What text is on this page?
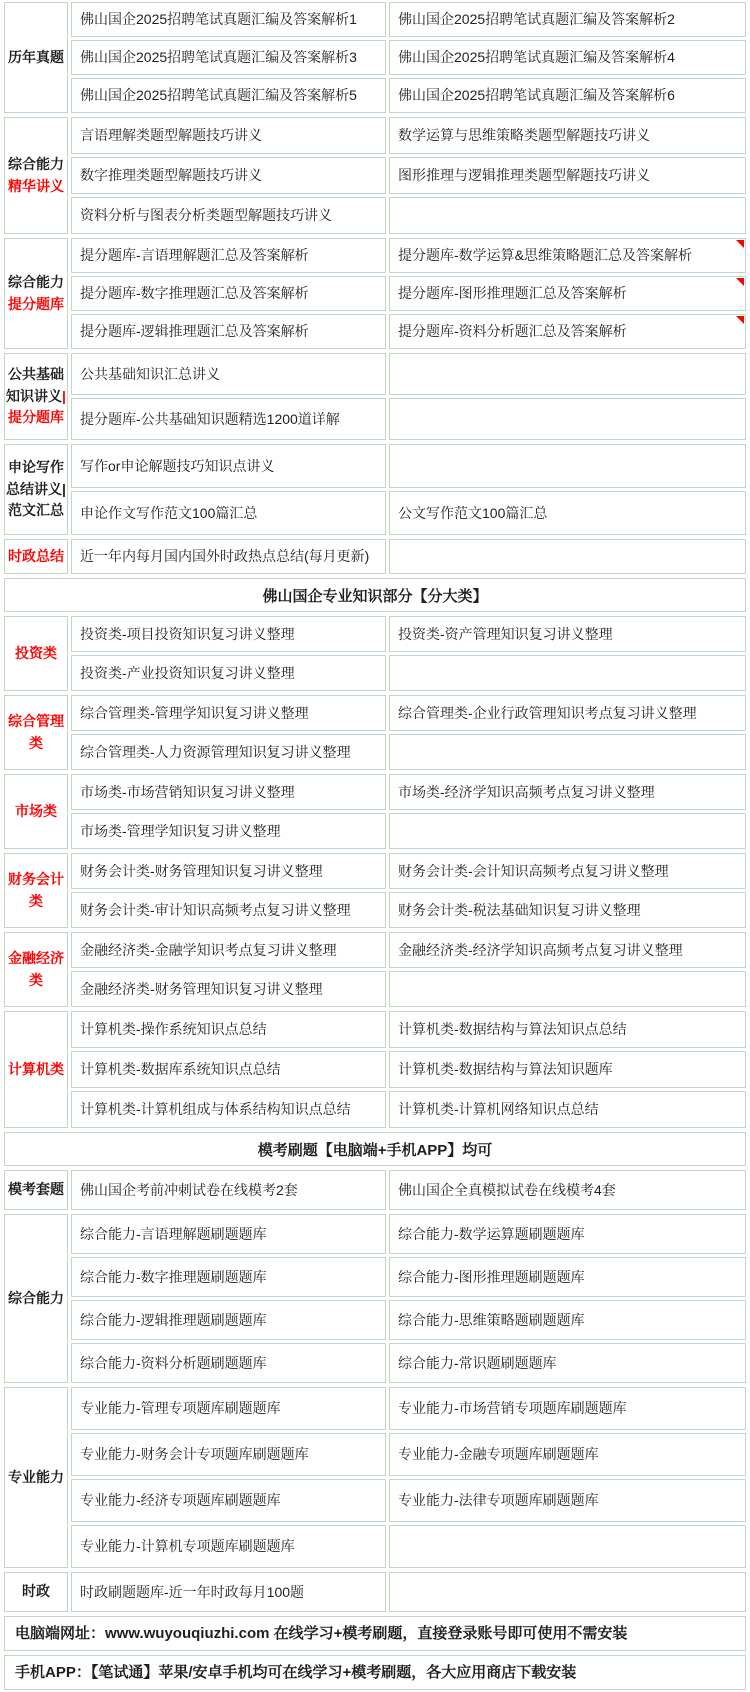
历年真题
佛山国企2025招聘笔试真题汇编及答案解析1	佛山国企2025招聘笔试真题汇编及答案解析2
佛山国企2025招聘笔试真题汇编及答案解析3	佛山国企2025招聘笔试真题汇编及答案解析4
佛山国企2025招聘笔试真题汇编及答案解析5	佛山国企2025招聘笔试真题汇编及答案解析6
综合能力精华讲义
言语理解类题型解题技巧讲义	数学运算与思维策略类题型解题技巧讲义
数字推理类题型解题技巧讲义	图形推理与逻辑推理类题型解题技巧讲义
资料分析与图表分析类题型解题技巧讲义
综合能力提分题库
提分题库-言语理解题汇总及答案解析	提分题库-数学运算&思维策略题汇总及答案解析
提分题库-数字推理题汇总及答案解析	提分题库-图形推理题汇总及答案解析
提分题库-逻辑推理题汇总及答案解析	提分题库-资料分析题汇总及答案解析
公共基础知识讲义|提分题库
公共基础知识汇总讲义
提分题库-公共基础知识题精选1200道详解
申论写作总结讲义|范文汇总
写作or申论解题技巧知识点讲义
申论作文写作范文100篇汇总	公文写作范文100篇汇总
时政总结 近一年内每月国内国外时政热点总结(每月更新)
佛山国企专业知识部分【分大类】
投资类
投资类-项目投资知识复习讲义整理	投资类-资产管理知识复习讲义整理
投资类-产业投资知识复习讲义整理
综合管理类
综合管理类-管理学知识复习讲义整理	综合管理类-企业行政管理知识考点复习讲义整理
综合管理类-人力资源管理知识复习讲义整理
市场类
市场类-市场营销知识复习讲义整理	市场类-经济学知识高频考点复习讲义整理
市场类-管理学知识复习讲义整理
财务会计类
财务会计类-财务管理知识复习讲义整理	财务会计类-会计知识高频考点复习讲义整理
财务会计类-审计知识高频考点复习讲义整理	财务会计类-税法基础知识复习讲义整理
金融经济类
金融经济类-金融学知识考点复习讲义整理	金融经济类-经济学知识高频考点复习讲义整理
金融经济类-财务管理知识复习讲义整理
计算机类
计算机类-操作系统知识点总结	计算机类-数据结构与算法知识点总结
计算机类-数据库系统知识点总结	计算机类-数据结构与算法知识题库
计算机类-计算机组成与体系结构知识点总结	计算机类-计算机网络知识点总结
模考刷题【电脑端+手机APP】均可
模考套题 佛山国企考前冲刺试卷在线模考2套	佛山国企全真模拟试卷在线模考4套
综合能力
综合能力-言语理解题刷题题库	综合能力-数学运算题刷题题库
综合能力-数字推理题刷题题库	综合能力-图形推理题刷题题库
综合能力-逻辑推理题刷题题库	综合能力-思维策略题刷题题库
综合能力-资料分析题刷题题库	综合能力-常识题刷题题库
专业能力
专业能力-管理专项题库刷题题库	专业能力-市场营销专项题库刷题题库
专业能力-财务会计专项题库刷题题库	专业能力-金融专项题库刷题题库
专业能力-经济专项题库刷题题库	专业能力-法律专项题库刷题题库
专业能力-计算机专项题库刷题题库
时政 时政刷题题库-近一年时政每月100题
电脑端网址：www.wuyouqiuzhi.com 在线学习+模考刷题，直接登录账号即可使用不需安装
手机APP：【笔试通】苹果/安卓手机均可在线学习+模考刷题，各大应用商店下载安装
